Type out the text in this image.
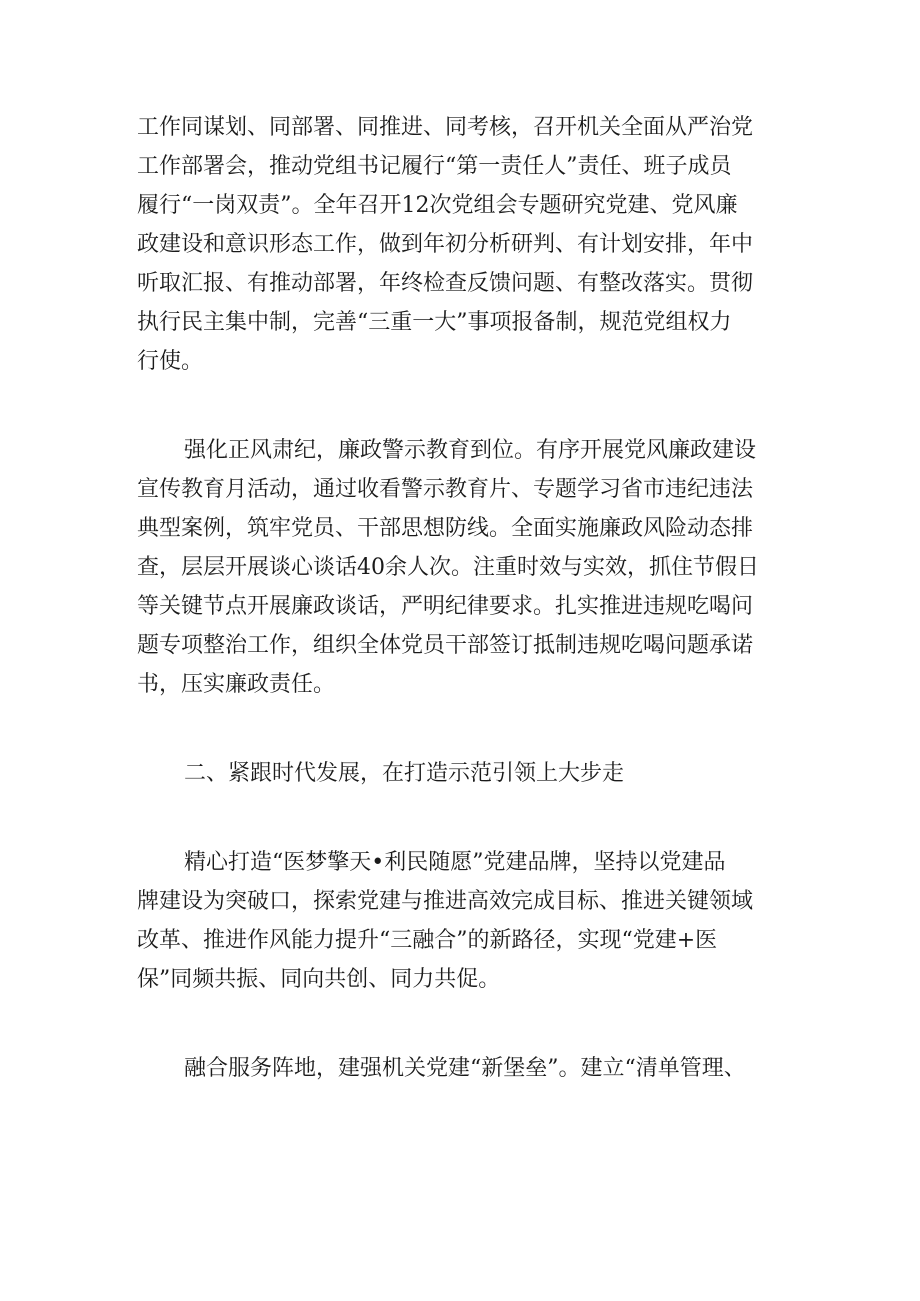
工作同谋划、同部署、同推进、同考核，召开机关全面从严治党
工作部署会，推动党组书记履行“第一责任人”责任、班子成员
履行“一岗双责”。全年召开12次党组会专题研究党建、党风廉
政建设和意识形态工作，做到年初分析研判、有计划安排，年中
听取汇报、有推动部署，年终检查反馈问题、有整改落实。贯彻
执行民主集中制，完善“三重一大”事项报备制，规范党组权力
行使。
强化正风肃纪，廉政警示教育到位。有序开展党风廉政建设
宣传教育月活动，通过收看警示教育片、专题学习省市违纪违法
典型案例，筑牢党员、干部思想防线。全面实施廉政风险动态排
查，层层开展谈心谈话40余人次。注重时效与实效，抓住节假日
等关键节点开展廉政谈话，严明纪律要求。扎实推进违规吃喝问
题专项整治工作，组织全体党员干部签订抵制违规吃喝问题承诺
书，压实廉政责任。
二、紧跟时代发展，在打造示范引领上大步走
精心打造“医梦擎天•利民随愿”党建品牌，坚持以党建品
牌建设为突破口，探索党建与推进高效完成目标、推进关键领域
改革、推进作风能力提升“三融合”的新路径，实现“党建+医
保”同频共振、同向共创、同力共促。
融合服务阵地，建强机关党建“新堡垒”。建立“清单管理、
